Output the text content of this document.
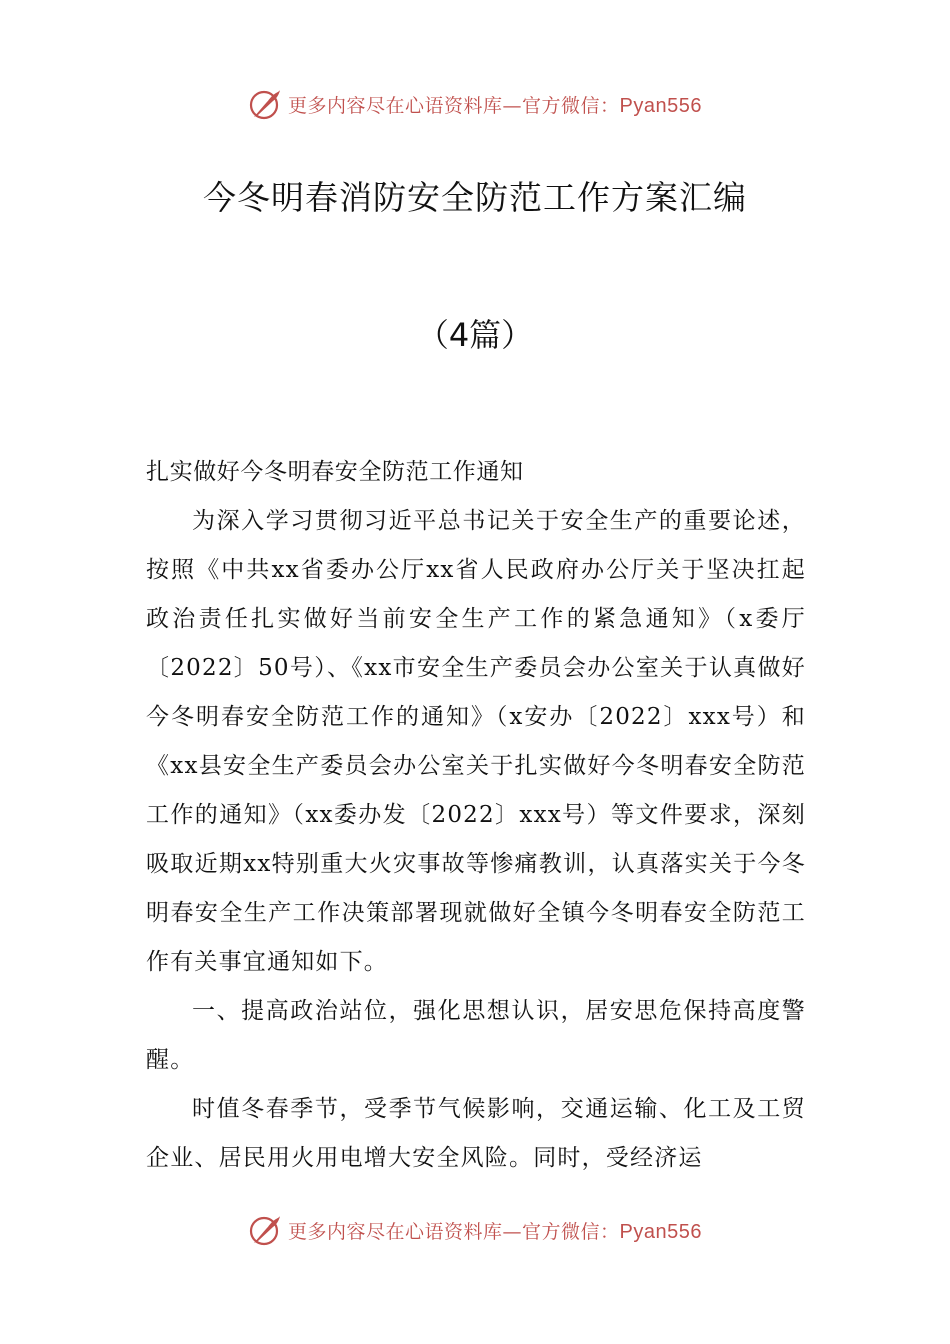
更多内容尽在心语资料库—官方微信：Pyan556
今冬明春消防安全防范工作方案汇编
（4篇）

扎实做好今冬明春安全防范工作通知

为深入学习贯彻习近平总书记关于安全生产的重要论述，按照《中共xx省委办公厅xx省人民政府办公厅关于坚决扛起政治责任扎实做好当前安全生产工作的紧急通知》（x委厅〔2022〕50号）、《xx市安全生产委员会办公室关于认真做好今冬明春安全防范工作的通知》（x安办〔2022〕xxx号）和《xx县安全生产委员会办公室关于扎实做好今冬明春安全防范工作的通知》（xx委办发〔2022〕xxx号）等文件要求，深刻吸取近期xx特别重大火灾事故等惨痛教训，认真落实关于今冬明春安全生产工作决策部署现就做好全镇今冬明春安全防范工作有关事宜通知如下。

一、提高政治站位，强化思想认识，居安思危保持高度警醒。

时值冬春季节，受季节气候影响，交通运输、化工及工贸企业、居民用火用电增大安全风险。同时，受经济运

更多内容尽在心语资料库—官方微信：Pyan556
